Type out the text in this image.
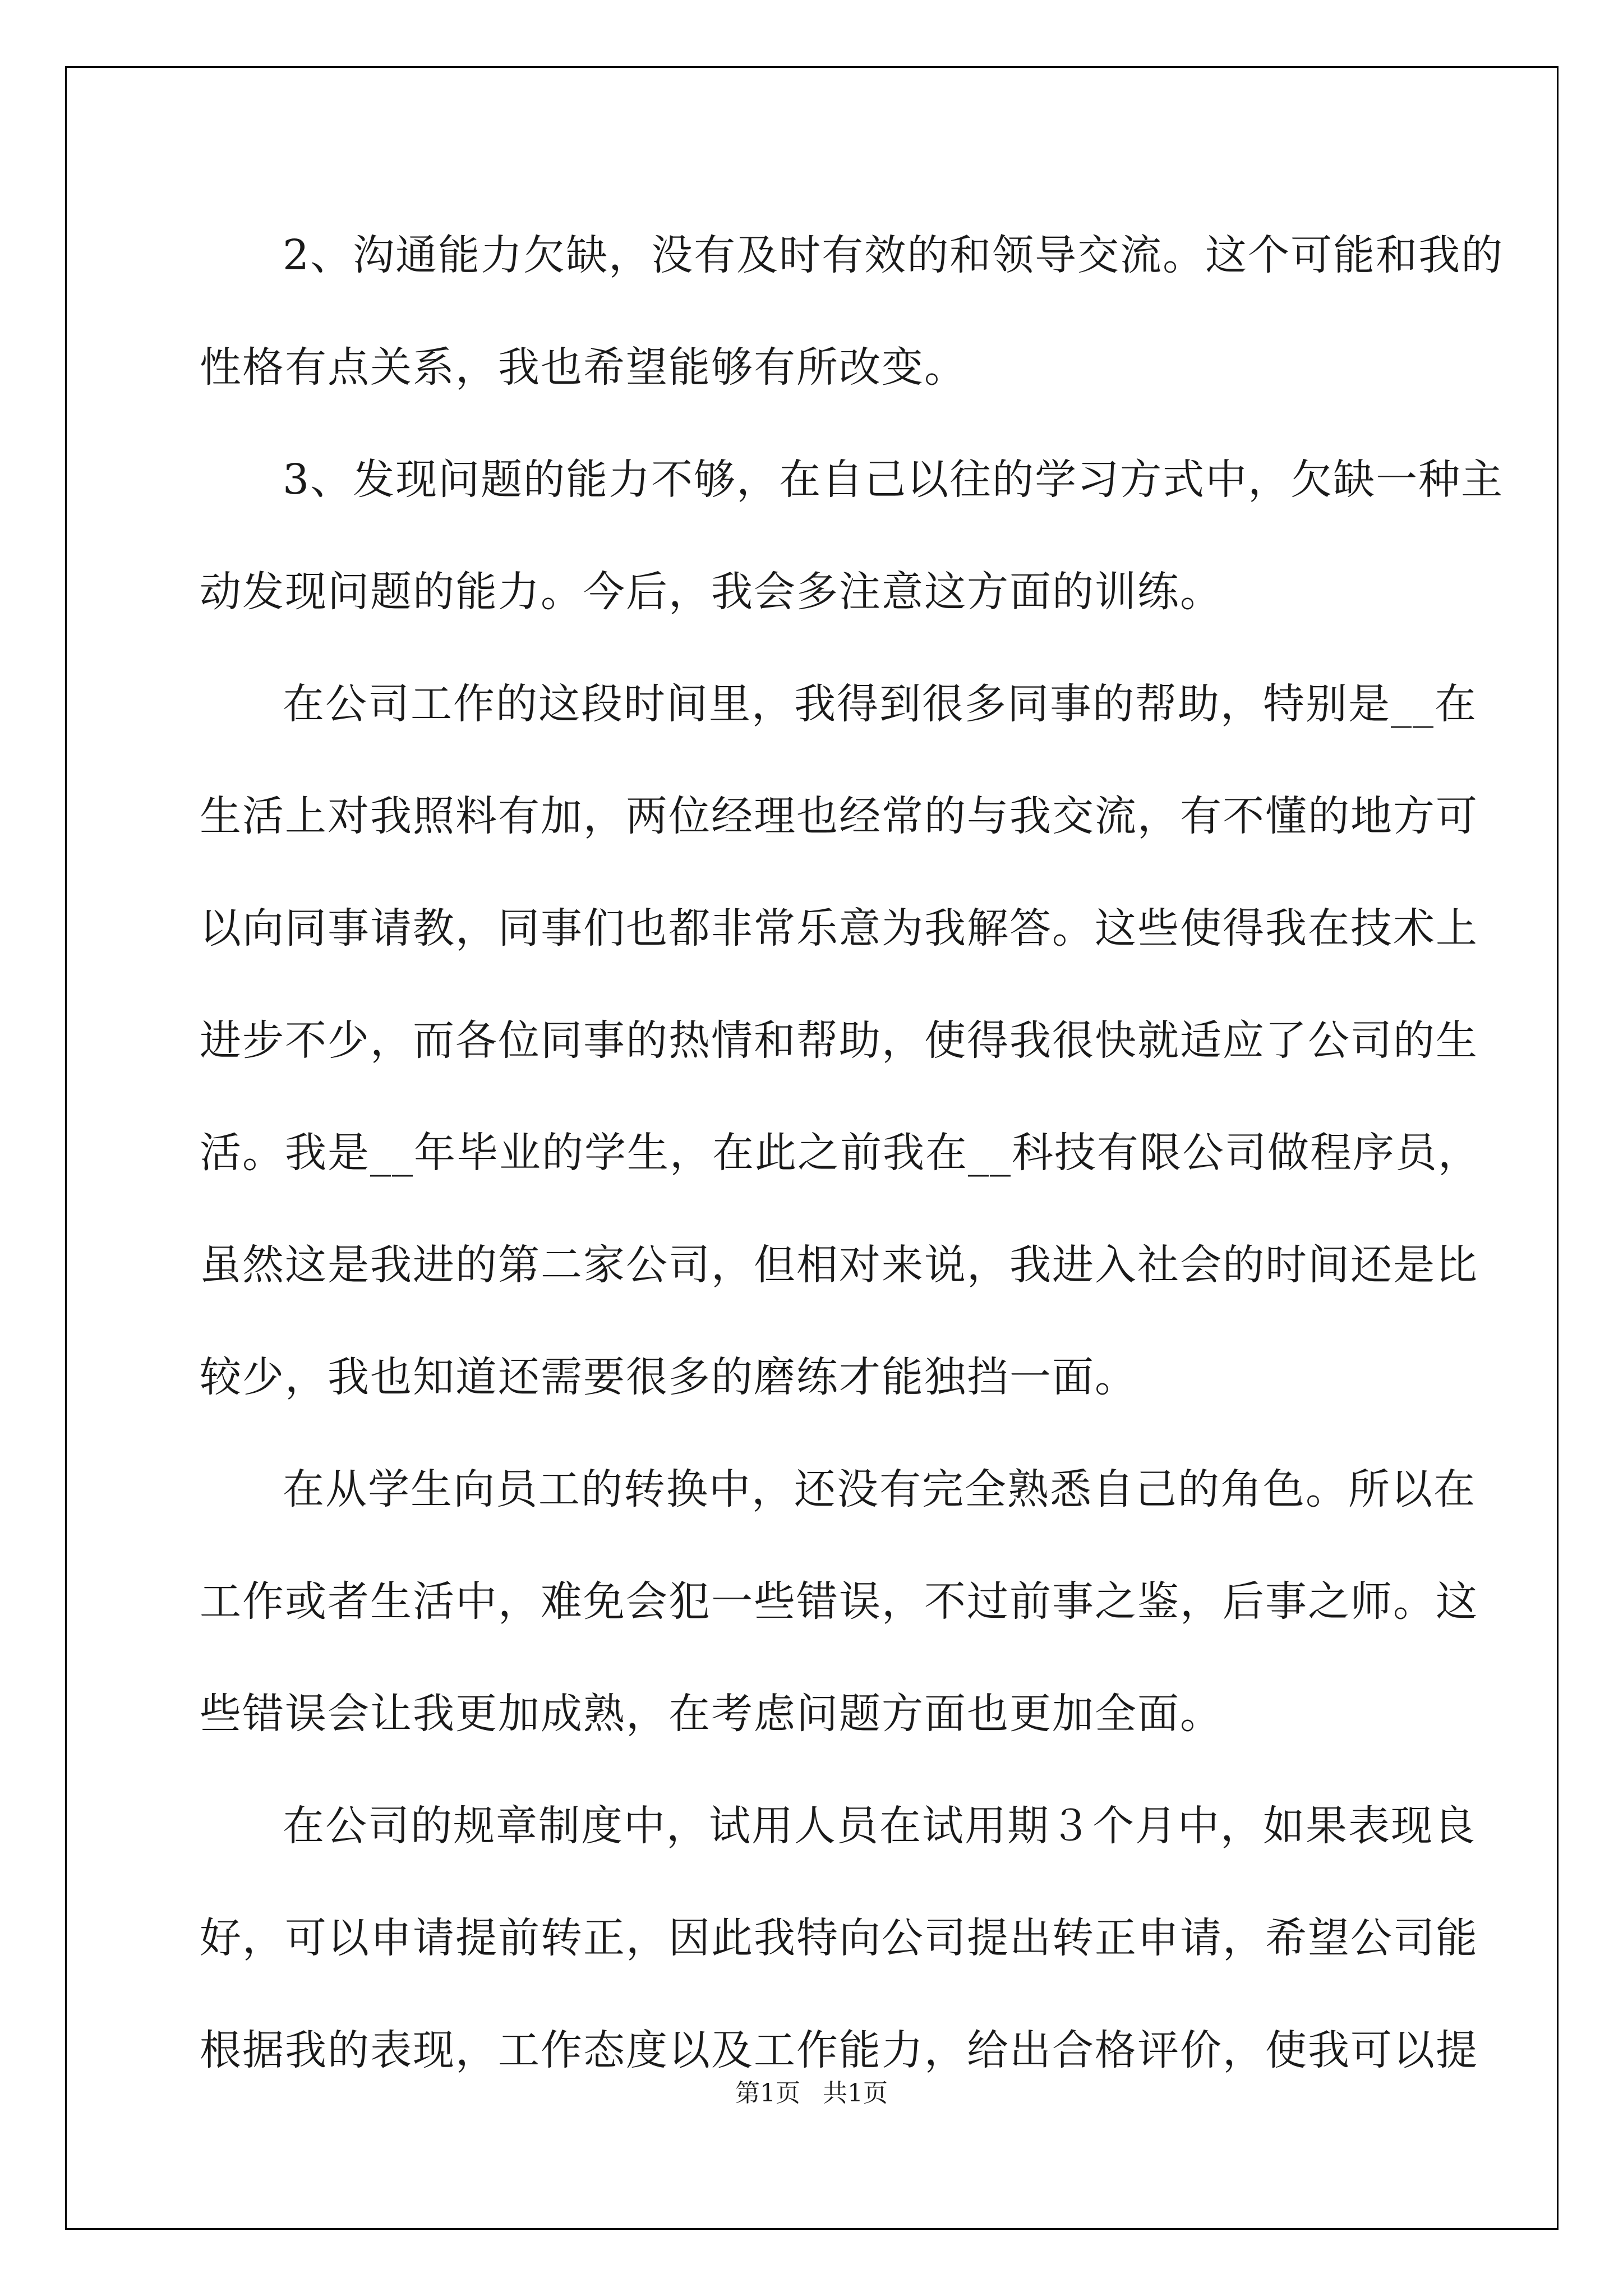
2、沟通能力欠缺，没有及时有效的和领导交流。这个可能和我的
性格有点关系，我也希望能够有所改变。

3、发现问题的能力不够，在自己以往的学习方式中，欠缺一种主
动发现问题的能力。今后，我会多注意这方面的训练。

在公司工作的这段时间里，我得到很多同事的帮助，特别是__在
生活上对我照料有加，两位经理也经常的与我交流，有不懂的地方可
以向同事请教，同事们也都非常乐意为我解答。这些使得我在技术上
进步不少，而各位同事的热情和帮助，使得我很快就适应了公司的生
活。我是__年毕业的学生，在此之前我在__科技有限公司做程序员，
虽然这是我进的第二家公司，但相对来说，我进入社会的时间还是比
较少，我也知道还需要很多的磨练才能独挡一面。

在从学生向员工的转换中，还没有完全熟悉自己的角色。所以在
工作或者生活中，难免会犯一些错误，不过前事之鉴，后事之师。这
些错误会让我更加成熟，在考虑问题方面也更加全面。

在公司的规章制度中，试用人员在试用期３个月中，如果表现良
好，可以申请提前转正，因此我特向公司提出转正申请，希望公司能
根据我的表现，工作态度以及工作能力，给出合格评价，使我可以提

第1页 共1页
